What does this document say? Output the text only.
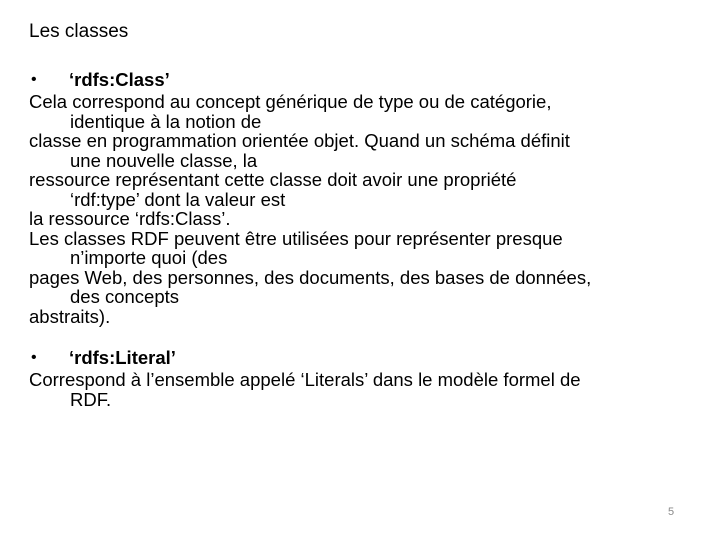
Les classes
• ‘rdfs:Class’
Cela correspond au concept générique de type ou de catégorie,
identique à la notion de
classe en programmation orientée objet. Quand un schéma définit
une nouvelle classe, la
ressource représentant cette classe doit avoir une propriété
‘rdf:type’ dont la valeur est
la ressource ‘rdfs:Class’.
Les classes RDF peuvent être utilisées pour représenter presque
n’importe quoi (des
pages Web, des personnes, des documents, des bases de données,
des concepts
abstraits).
• ‘rdfs:Literal’
Correspond à l’ensemble appelé ‘Literals’ dans le modèle formel de
RDF.
5
